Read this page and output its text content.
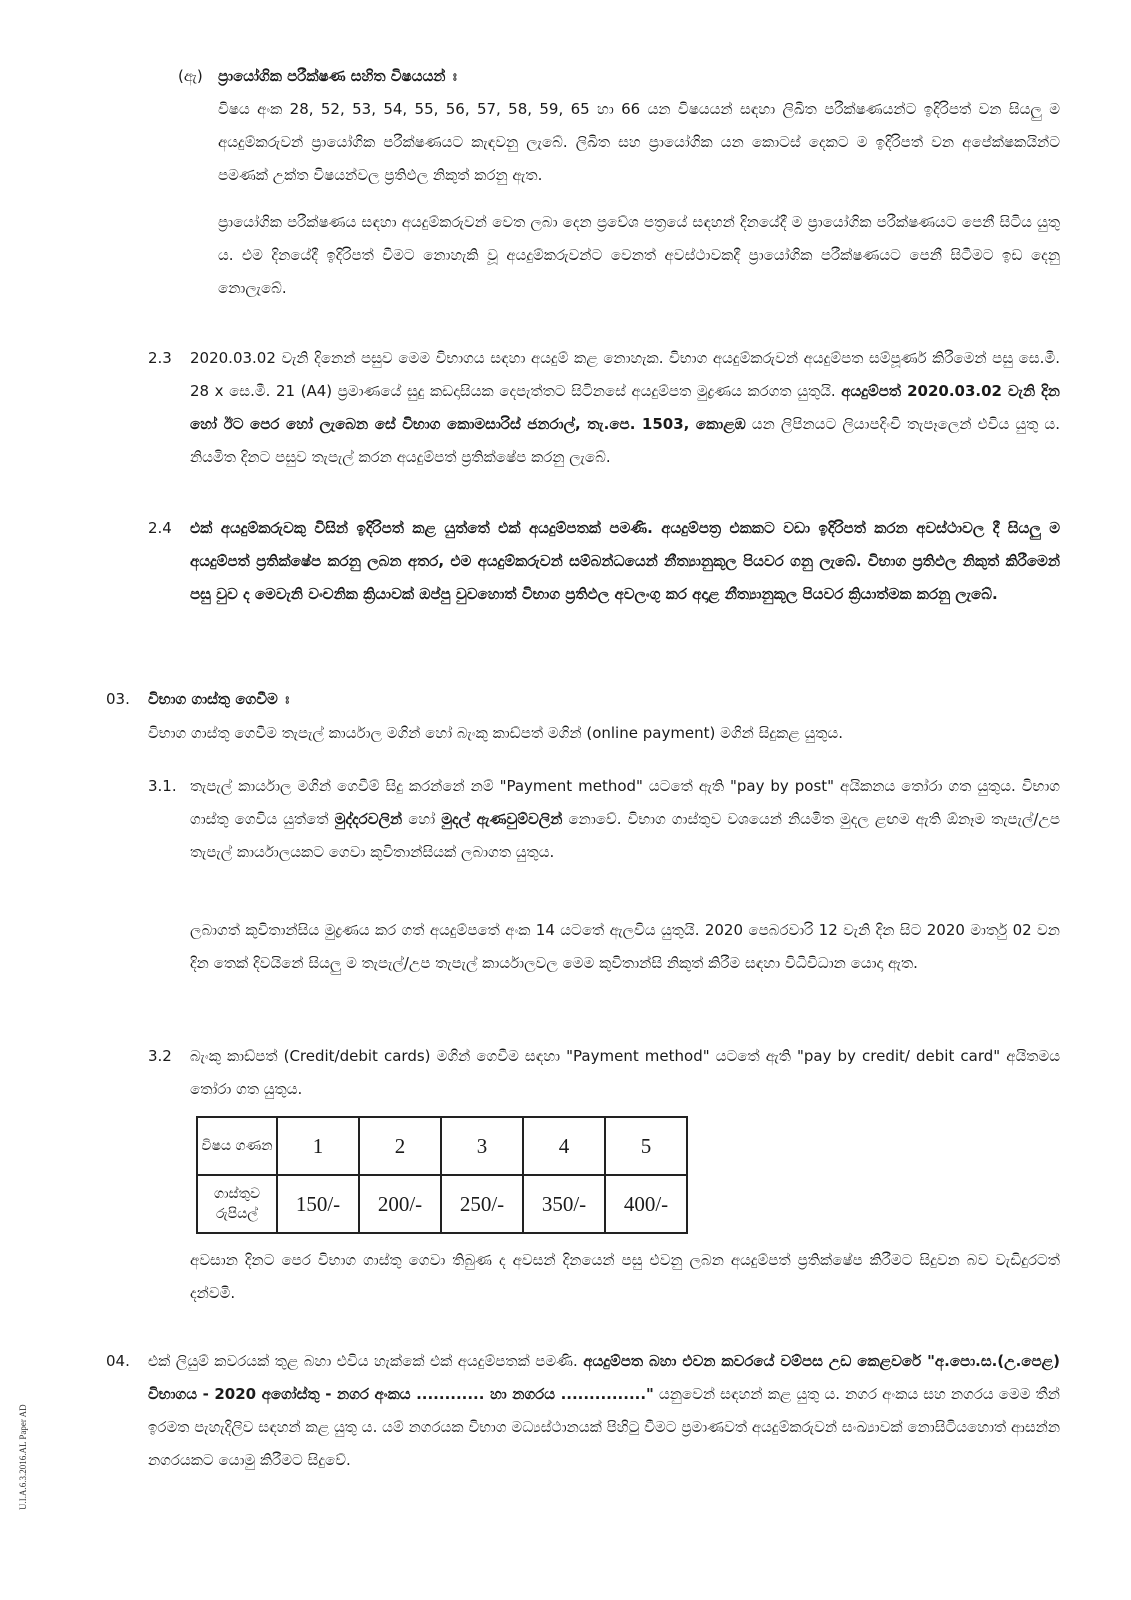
(ඇ) ප්‍රායෝගික පරීක්ෂණ සහිත විෂයයන් ඃ

විෂය අංක 28, 52, 53, 54, 55, 56, 57, 58, 59, 65 හා 66 යන විෂයයන් සඳහා ලිඛිත පරීක්ෂණයන්ට ඉදිරිපත් වන සියලු ම අයදුම්කරුවන් ප්‍රායෝගික පරීක්ෂණයට කැඳවනු ලැබේ. ලිඛිත සහ ප්‍රායෝගික යන කොටස් දෙකට ම ඉදිරිපත් වන අපේක්ෂකයින්ට පමණක් උක්ත විෂයන්වල ප්‍රතිඵල නිකුත් කරනු ඇත.

ප්‍රායෝගික පරීක්ෂණය සඳහා අයදුම්කරුවන් වෙත ලබා දෙන ප්‍රවේශ පත්‍රයේ සඳහන් දිනයේදී ම ප්‍රායෝගික පරීක්ෂණයට පෙනී සිටිය යුතු ය. එම දිනයේදී ඉදිරිපත් වීමට නොහැකි වූ අයදුම්කරුවන්ට වෙනත් අවස්ථාවකදී ප්‍රායෝගික පරීක්ෂණයට පෙනී සිටීමට ඉඩ දෙනු නොලැබේ.

2.3 2020.03.02 වැනි දිනෙන් පසුව මෙම විභාගය සඳහා අයදුම් කළ නොහැක. විභාග අයදුම්කරුවන් අයදුම්පත සම්පූර්ණ කිරීමෙන් පසු සෙ.මී. 28 x සෙ.මී. 21 (A4) ප්‍රමාණයේ සුදු කඩදාසියක දෙපැත්තට සිටිනසේ අයදුම්පත මුද්‍රණය කරගත යුතුයි. අයදුම්පත් 2020.03.02 වැනි දින හෝ ඊට පෙර හෝ ලැබෙන සේ විභාග කොමසාරිස් ජනරාල්, තැ.පෙ. 1503, කොළඹ යන ලිපිනයට ලියාපදිංචි තැපෑලෙන් එවිය යුතු ය. නියමිත දිනට පසුව තැපැල් කරන අයදුම්පත් ප්‍රතික්ෂේප කරනු ලැබේ.

2.4 එක් අයදුම්කරුවකු විසින් ඉදිරිපත් කළ යුත්තේ එක් අයදුම්පතක් පමණි. අයදුම්පත්‍ර එකකට වඩා ඉදිරිපත් කරන අවස්ථාවල දී සියලු ම අයදුම්පත් ප්‍රතික්ෂේප කරනු ලබන අතර, එම අයදුම්කරුවන් සම්බන්ධයෙන් නීත්‍යානුකූල පියවර ගනු ලැබේ. විභාග ප්‍රතිඵල නිකුත් කිරීමෙන් පසු වුව ද මෙවැනි වංචනික ක්‍රියාවක් ඔප්පු වුවහොත් විභාග ප්‍රතිඵල අවලංගු කර අදාළ නීත්‍යානුකූල පියවර ක්‍රියාත්මක කරනු ලැබේ.

03. විභාග ගාස්තු ගෙවීම ඃ

විභාග ගාස්තු ගෙවීම තැපැල් කාර්යාල මගින් හෝ බැංකු කාඩ්පත් මගින් (online payment) මගින් සිදුකළ යුතුය.

3.1. තැපැල් කාර්යාල මගින් ගෙවීම් සිදු කරන්නේ නම් "Payment method" යටතේ ඇති "pay by post" අයිකනය තෝරා ගත යුතුය. විභාග ගාස්තු ගෙවිය යුත්තේ මුද්දරවලින් හෝ මුදල් ඇණවුම්වලින් නොවේ. විභාග ගාස්තුව වශයෙන් නියමිත මුදල ළඟම ඇති ඕනෑම තැපැල්/උප තැපැල් කාර්යාලයකට ගෙවා කුවිතාන්සියක් ලබාගත යුතුය.

ලබාගත් කුවිතාන්සිය මුද්‍රණය කර ගත් අයදුම්පතේ අංක 14 යටතේ ඇලවිය යුතුයි. 2020 පෙබරවාරි 12 වැනි දින සිට 2020 මාර්තු 02 වන දින තෙක් දිවයිනේ සියලු ම තැපැල්/උප තැපැල් කාර්යාලවල මෙම කුවිතාන්සි නිකුත් කිරීම සඳහා විධිවිධාන යොදා ඇත.

3.2 බැංකු කාඩ්පත් (Credit/debit cards) මගින් ගෙවීම සඳහා "Payment method" යටතේ ඇති "pay by credit/ debit card" අයිතමය තෝරා ගත යුතුය.

විෂය ගණන	1	2	3	4	5
ගාස්තුව රුපියල්	150/-	200/-	250/-	350/-	400/-

අවසාන දිනට පෙර විභාග ගාස්තු ගෙවා තිබුණ ද අවසන් දිනයෙන් පසු එවනු ලබන අයදුම්පත් ප්‍රතික්ෂේප කිරීමට සිදුවන බව වැඩිදුරටත් දන්වමි.

04. එක් ලියුම් කවරයක් තුළ බහා එවිය හැක්කේ එක් අයදුම්පතක් පමණි. අයදුම්පත බහා එවන කවරයේ වම්පස උඩ කෙළවරේ "අ.පො.ස.(උ.පෙළ) විභාගය - 2020 අගෝස්තු - නගර අංකය ............ හා නගරය ..............." යනුවෙන් සඳහන් කළ යුතු ය. නගර අංකය සහ නගරය මෙම තීන් ඉරමත පැහැදිලිව සඳහන් කළ යුතු ය. යම් නගරයක විභාග මධ්‍යස්ථානයක් පිහිටු වීමට ප්‍රමාණවත් අයදුම්කරුවන් සංඛ්‍යාවක් නොසිටියහොත් ආසන්න නගරයකට යොමු කිරීමට සිදුවේ.

U.I.A.6.3.2016.AL Paper AD
